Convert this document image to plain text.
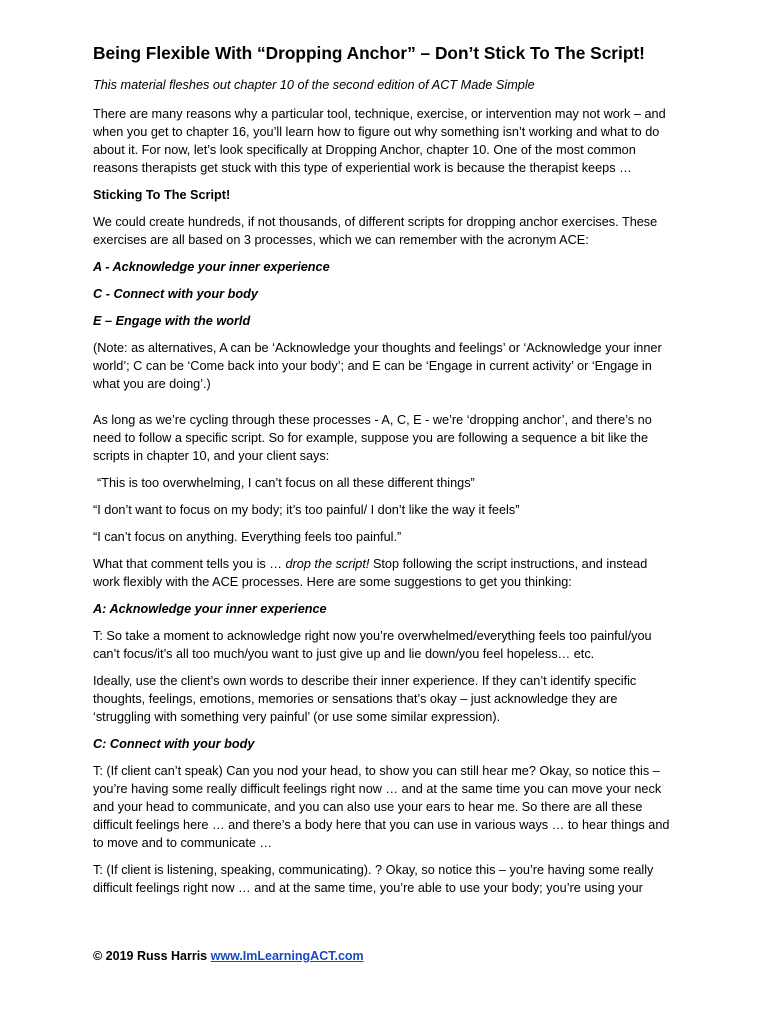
Being Flexible With “Dropping Anchor” – Don’t Stick To The Script!

This material fleshes out chapter 10 of the second edition of ACT Made Simple

There are many reasons why a particular tool, technique, exercise, or intervention may not work – and when you get to chapter 16, you’ll learn how to figure out why something isn’t working and what to do about it. For now, let’s look specifically at Dropping Anchor, chapter 10. One of the most common reasons therapists get stuck with this type of experiential work is because the therapist keeps …

Sticking To The Script!

We could create hundreds, if not thousands, of different scripts for dropping anchor exercises. These exercises are all based on 3 processes, which we can remember with the acronym ACE:

A - Acknowledge your inner experience

C - Connect with your body

E – Engage with the world

(Note: as alternatives, A can be ‘Acknowledge your thoughts and feelings’ or ‘Acknowledge your inner world’; C can be ‘Come back into your body’; and E can be ‘Engage in current activity’ or ‘Engage in what you are doing’.)

As long as we’re cycling through these processes - A, C, E - we’re ‘dropping anchor’, and there’s no need to follow a specific script. So for example, suppose you are following a sequence a bit like the scripts in chapter 10, and your client says:

“This is too overwhelming, I can’t focus on all these different things”

“I don’t want to focus on my body; it’s too painful/ I don’t like the way it feels”

“I can’t focus on anything. Everything feels too painful.”

What that comment tells you is … drop the script! Stop following the script instructions, and instead work flexibly with the ACE processes. Here are some suggestions to get you thinking:

A: Acknowledge your inner experience

T: So take a moment to acknowledge right now you’re overwhelmed/everything feels too painful/you can’t focus/it’s all too much/you want to just give up and lie down/you feel hopeless… etc.

Ideally, use the client’s own words to describe their inner experience. If they can’t identify specific thoughts, feelings, emotions, memories or sensations that’s okay – just acknowledge they are ‘struggling with something very painful’ (or use some similar expression).

C: Connect with your body

T: (If client can’t speak) Can you nod your head, to show you can still hear me? Okay, so notice this – you’re having some really difficult feelings right now … and at the same time you can move your neck and your head to communicate, and you can also use your ears to hear me. So there are all these difficult feelings here … and there’s a body here that you can use in various ways … to hear things and to move and to communicate …

T: (If client is listening, speaking, communicating). ? Okay, so notice this – you’re having some really difficult feelings right now … and at the same time, you’re able to use your body; you’re using your

© 2019 Russ Harris www.ImLearningACT.com
